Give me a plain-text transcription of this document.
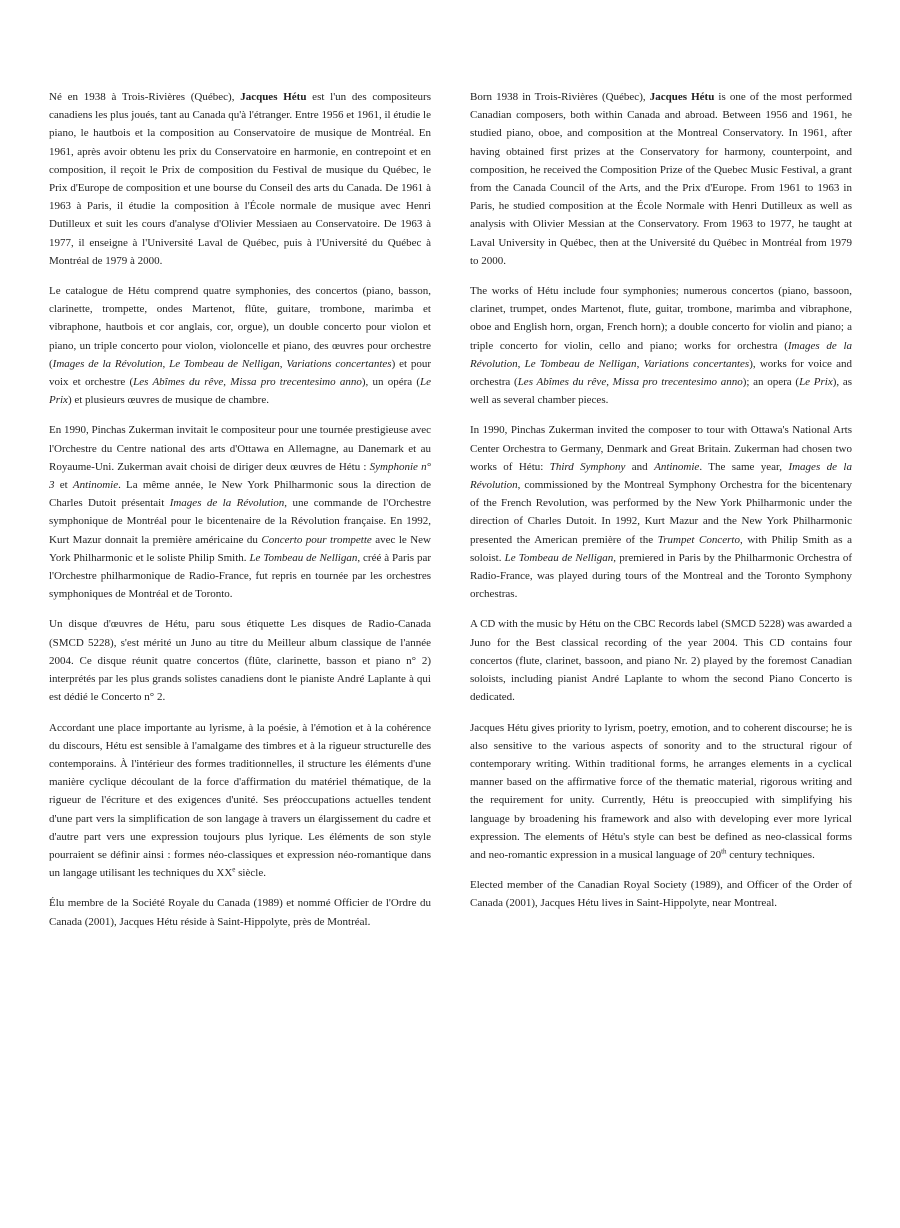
Né en 1938 à Trois-Rivières (Québec), Jacques Hétu est l'un des compositeurs canadiens les plus joués, tant au Canada qu'à l'étranger. Entre 1956 et 1961, il étudie le piano, le hautbois et la composition au Conservatoire de musique de Montréal. En 1961, après avoir obtenu les prix du Conservatoire en harmonie, en contrepoint et en composition, il reçoit le Prix de composition du Festival de musique du Québec, le Prix d'Europe de composition et une bourse du Conseil des arts du Canada. De 1961 à 1963 à Paris, il étudie la composition à l'École normale de musique avec Henri Dutilleux et suit les cours d'analyse d'Olivier Messiaen au Conservatoire. De 1963 à 1977, il enseigne à l'Université Laval de Québec, puis à l'Université du Québec à Montréal de 1979 à 2000.

Le catalogue de Hétu comprend quatre symphonies, des concertos (piano, basson, clarinette, trompette, ondes Martenot, flûte, guitare, trombone, marimba et vibraphone, hautbois et cor anglais, cor, orgue), un double concerto pour violon et piano, un triple concerto pour violon, violoncelle et piano, des œuvres pour orchestre (Images de la Révolution, Le Tombeau de Nelligan, Variations concertantes) et pour voix et orchestre (Les Abîmes du rêve, Missa pro trecentesimo anno), un opéra (Le Prix) et plusieurs œuvres de musique de chambre.

En 1990, Pinchas Zukerman invitait le compositeur pour une tournée prestigieuse avec l'Orchestre du Centre national des arts d'Ottawa en Allemagne, au Danemark et au Royaume-Uni. Zukerman avait choisi de diriger deux œuvres de Hétu : Symphonie n° 3 et Antinomie. La même année, le New York Philharmonic sous la direction de Charles Dutoit présentait Images de la Révolution, une commande de l'Orchestre symphonique de Montréal pour le bicentenaire de la Révolution française. En 1992, Kurt Mazur donnait la première américaine du Concerto pour trompette avec le New York Philharmonic et le soliste Philip Smith. Le Tombeau de Nelligan, créé à Paris par l'Orchestre philharmonique de Radio-France, fut repris en tournée par les orchestres symphoniques de Montréal et de Toronto.

Un disque d'œuvres de Hétu, paru sous étiquette Les disques de Radio-Canada (SMCD 5228), s'est mérité un Juno au titre du Meilleur album classique de l'année 2004. Ce disque réunit quatre concertos (flûte, clarinette, basson et piano n° 2) interprétés par les plus grands solistes canadiens dont le pianiste André Laplante à qui est dédié le Concerto n° 2.

Accordant une place importante au lyrisme, à la poésie, à l'émotion et à la cohérence du discours, Hétu est sensible à l'amalgame des timbres et à la rigueur structurelle des contemporains. À l'intérieur des formes traditionnelles, il structure les éléments d'une manière cyclique découlant de la force d'affirmation du matériel thématique, de la rigueur de l'écriture et des exigences d'unité. Ses préoccupations actuelles tendent d'une part vers la simplification de son langage à travers un élargissement du cadre et d'autre part vers une expression toujours plus lyrique. Les éléments de son style pourraient se définir ainsi : formes néo-classiques et expression néo-romantique dans un langage utilisant les techniques du XXe siècle.

Élu membre de la Société Royale du Canada (1989) et nommé Officier de l'Ordre du Canada (2001), Jacques Hétu réside à Saint-Hippolyte, près de Montréal.

Born 1938 in Trois-Rivières (Québec), Jacques Hétu is one of the most performed Canadian composers, both within Canada and abroad. Between 1956 and 1961, he studied piano, oboe, and composition at the Montreal Conservatory. In 1961, after having obtained first prizes at the Conservatory for harmony, counterpoint, and composition, he received the Composition Prize of the Quebec Music Festival, a grant from the Canada Council of the Arts, and the Prix d'Europe. From 1961 to 1963 in Paris, he studied composition at the École Normale with Henri Dutilleux as well as analysis with Olivier Messian at the Conservatory. From 1963 to 1977, he taught at Laval University in Québec, then at the Université du Québec in Montréal from 1979 to 2000.

The works of Hétu include four symphonies; numerous concertos (piano, bassoon, clarinet, trumpet, ondes Martenot, flute, guitar, trombone, marimba and vibraphone, oboe and English horn, organ, French horn); a double concerto for violin and piano; a triple concerto for violin, cello and piano; works for orchestra (Images de la Révolution, Le Tombeau de Nelligan, Variations concertantes), works for voice and orchestra (Les Abîmes du rêve, Missa pro trecentesimo anno); an opera (Le Prix), as well as several chamber pieces.

In 1990, Pinchas Zukerman invited the composer to tour with Ottawa's National Arts Center Orchestra to Germany, Denmark and Great Britain. Zukerman had chosen two works of Hétu: Third Symphony and Antinomie. The same year, Images de la Révolution, commissioned by the Montreal Symphony Orchestra for the bicentenary of the French Revolution, was performed by the New York Philharmonic under the direction of Charles Dutoit. In 1992, Kurt Mazur and the New York Philharmonic presented the American première of the Trumpet Concerto, with Philip Smith as a soloist. Le Tombeau de Nelligan, premiered in Paris by the Philharmonic Orchestra of Radio-France, was played during tours of the Montreal and the Toronto Symphony orchestras.

A CD with the music by Hétu on the CBC Records label (SMCD 5228) was awarded a Juno for the Best classical recording of the year 2004. This CD contains four concertos (flute, clarinet, bassoon, and piano Nr. 2) played by the foremost Canadian soloists, including pianist André Laplante to whom the second Piano Concerto is dedicated.

Jacques Hétu gives priority to lyrism, poetry, emotion, and to coherent discourse; he is also sensitive to the various aspects of sonority and to the structural rigour of contemporary writing. Within traditional forms, he arranges elements in a cyclical manner based on the affirmative force of the thematic material, rigorous writing and the requirement for unity. Currently, Hétu is preoccupied with simplifying his language by broadening his framework and also with developing ever more lyrical expression. The elements of Hétu's style can best be defined as neo-classical forms and neo-romantic expression in a musical language of 20th century techniques.

Elected member of the Canadian Royal Society (1989), and Officer of the Order of Canada (2001), Jacques Hétu lives in Saint-Hippolyte, near Montreal.
